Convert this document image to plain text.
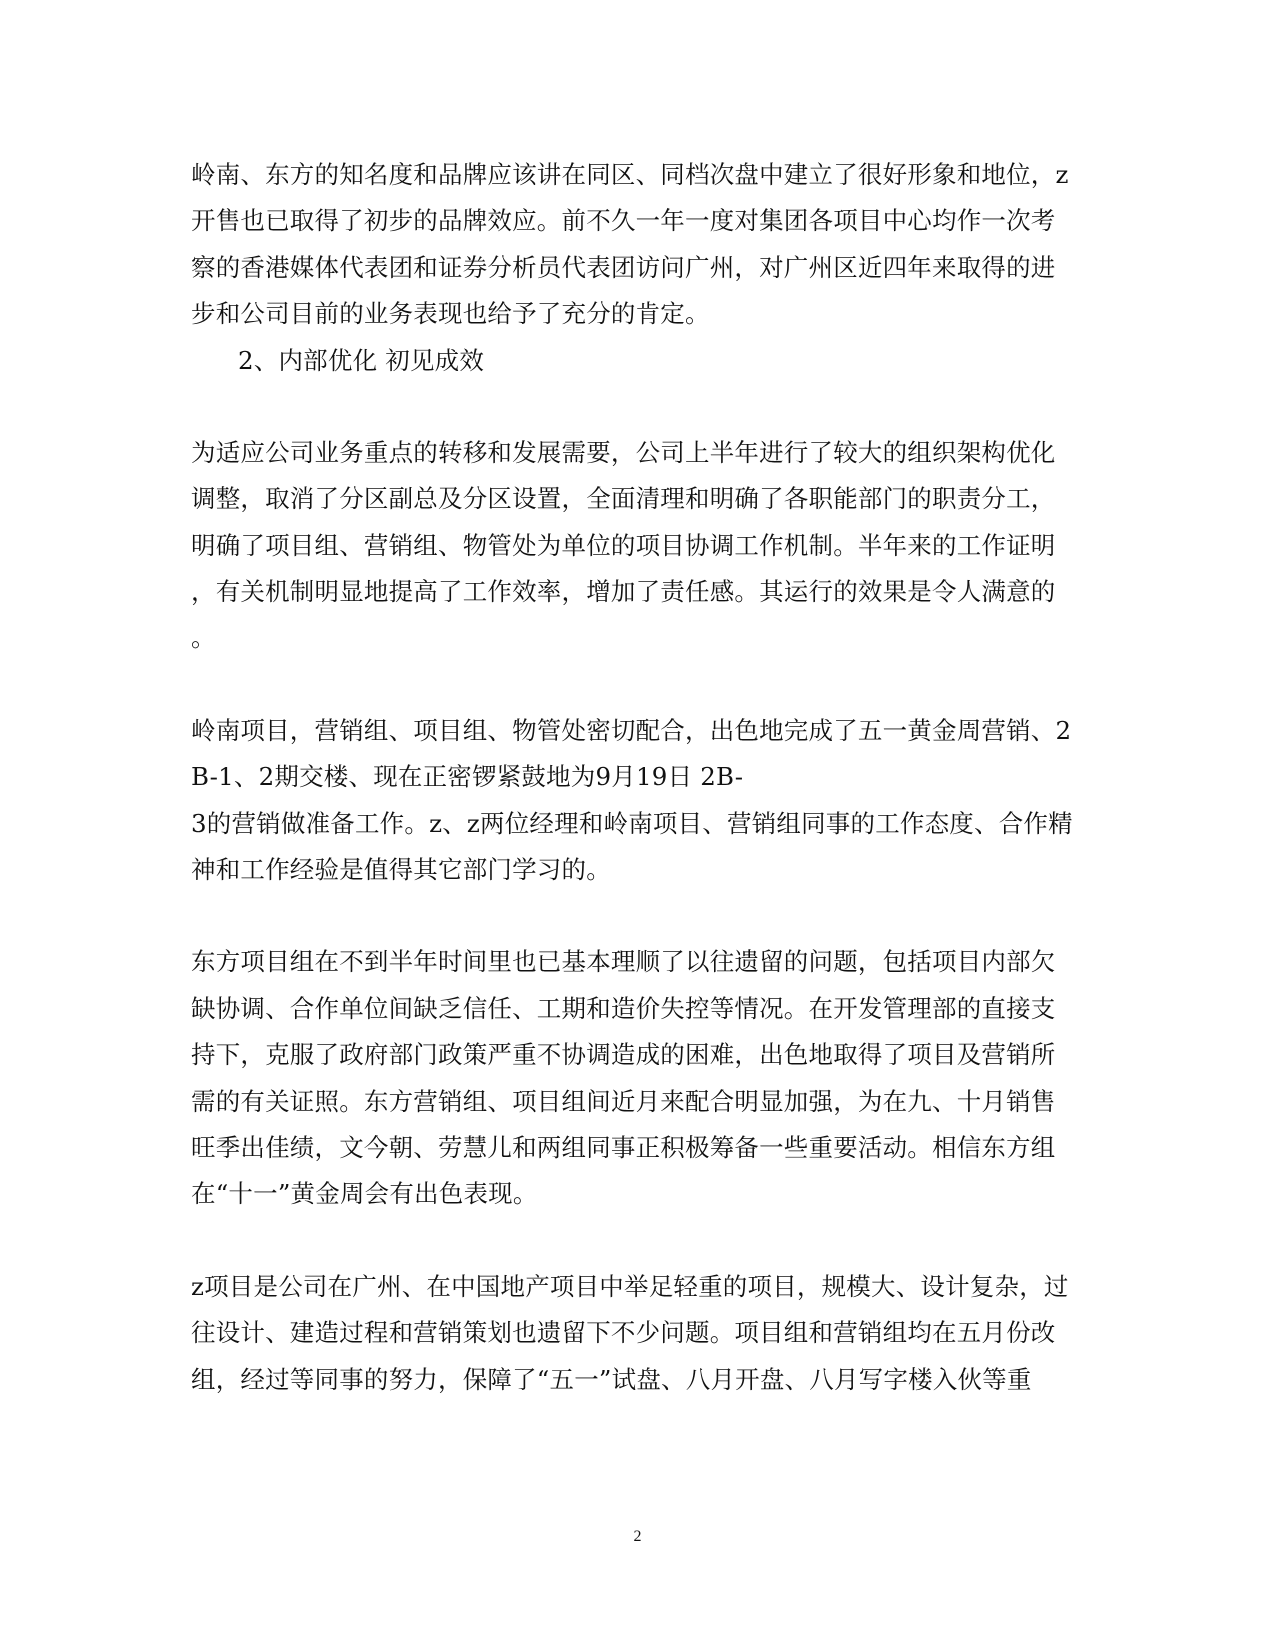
岭南、东方的知名度和品牌应该讲在同区、同档次盘中建立了很好形象和地位，z
开售也已取得了初步的品牌效应。前不久一年一度对集团各项目中心均作一次考
察的香港媒体代表团和证券分析员代表团访问广州，对广州区近四年来取得的进
步和公司目前的业务表现也给予了充分的肯定。
2、内部优化 初见成效
为适应公司业务重点的转移和发展需要，公司上半年进行了较大的组织架构优化
调整，取消了分区副总及分区设置，全面清理和明确了各职能部门的职责分工，
明确了项目组、营销组、物管处为单位的项目协调工作机制。半年来的工作证明
，有关机制明显地提高了工作效率，增加了责任感。其运行的效果是令人满意的
。
岭南项目，营销组、项目组、物管处密切配合，出色地完成了五一黄金周营销、2
B-1、2期交楼、现在正密锣紧鼓地为9月19日 2B-
3的营销做准备工作。z、z两位经理和岭南项目、营销组同事的工作态度、合作精
神和工作经验是值得其它部门学习的。
东方项目组在不到半年时间里也已基本理顺了以往遗留的问题，包括项目内部欠
缺协调、合作单位间缺乏信任、工期和造价失控等情况。在开发管理部的直接支
持下，克服了政府部门政策严重不协调造成的困难，出色地取得了项目及营销所
需的有关证照。东方营销组、项目组间近月来配合明显加强，为在九、十月销售
旺季出佳绩，文今朝、劳慧儿和两组同事正积极筹备一些重要活动。相信东方组
在“十一”黄金周会有出色表现。
z项目是公司在广州、在中国地产项目中举足轻重的项目，规模大、设计复杂，过
往设计、建造过程和营销策划也遗留下不少问题。项目组和营销组均在五月份改
组，经过等同事的努力，保障了“五一”试盘、八月开盘、八月写字楼入伙等重
2
